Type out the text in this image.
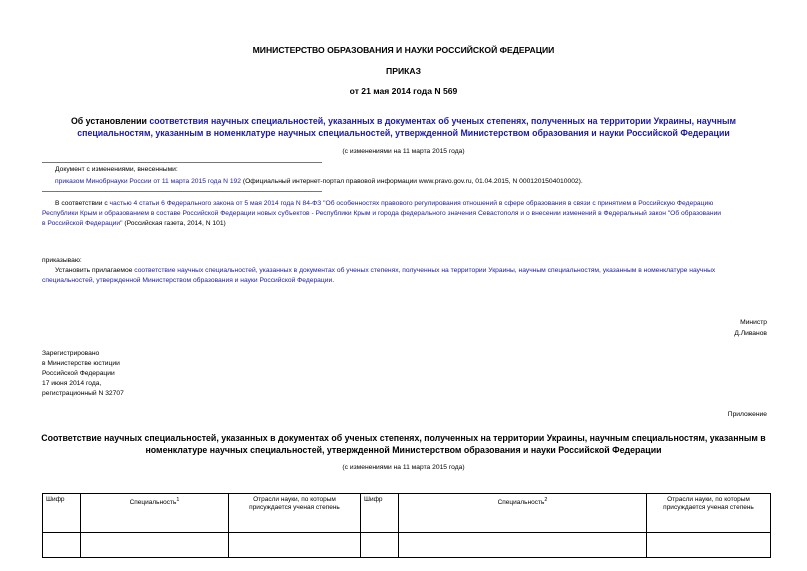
МИНИСТЕРСТВО ОБРАЗОВАНИЯ И НАУКИ РОССИЙСКОЙ ФЕДЕРАЦИИ
ПРИКАЗ
от 21 мая 2014 года N 569
Об установлении соответствия научных специальностей, указанных в документах об ученых степенях, полученных на территории Украины, научным
специальностям, указанным в номенклатуре научных специальностей, утвержденной Министерством образования и науки Российской Федерации
(с изменениями на 11 марта 2015 года)
Документ с изменениями, внесенными:
приказом Минобрнауки России от 11 марта 2015 года N 192 (Официальный интернет-портал правовой информации www.pravo.gov.ru, 01.04.2015, N 0001201504010002).
В соответствии с частью 4 статьи 6 Федерального закона от 5 мая 2014 года N 84-ФЗ "Об особенностях правового регулирования отношений в сфере образования в связи с принятием в Российскую Федерацию
Республики Крым и образованием в составе Российской Федерации новых субъектов - Республики Крым и города федерального значения Севастополя и о внесении изменений в Федеральный закон "Об образовании
в Российской Федерации" (Российская газета, 2014, N 101)
приказываю:
Установить прилагаемое соответствие научных специальностей, указанных в документах об ученых степенях, полученных на территории Украины, научным специальностям, указанным в номенклатуре научных
специальностей, утвержденной Министерством образования и науки Российской Федерации.
Министр
Д.Ливанов
Зарегистрировано
в Министерстве юстиции
Российской Федерации
17 июня 2014 года,
регистрационный N 32707
Приложение
Соответствие научных специальностей, указанных в документах об ученых степенях, полученных на территории Украины, научным специальностям, указанным в
номенклатуре научных специальностей, утвержденной Министерством образования и науки Российской Федерации
(с изменениями на 11 марта 2015 года)
Шифр	Специальность$^1$	Отрасли науки, по которым присуждается ученая степень	Шифр	Специальность$^2$	Отрасли науки, по которым присуждается ученая степень
